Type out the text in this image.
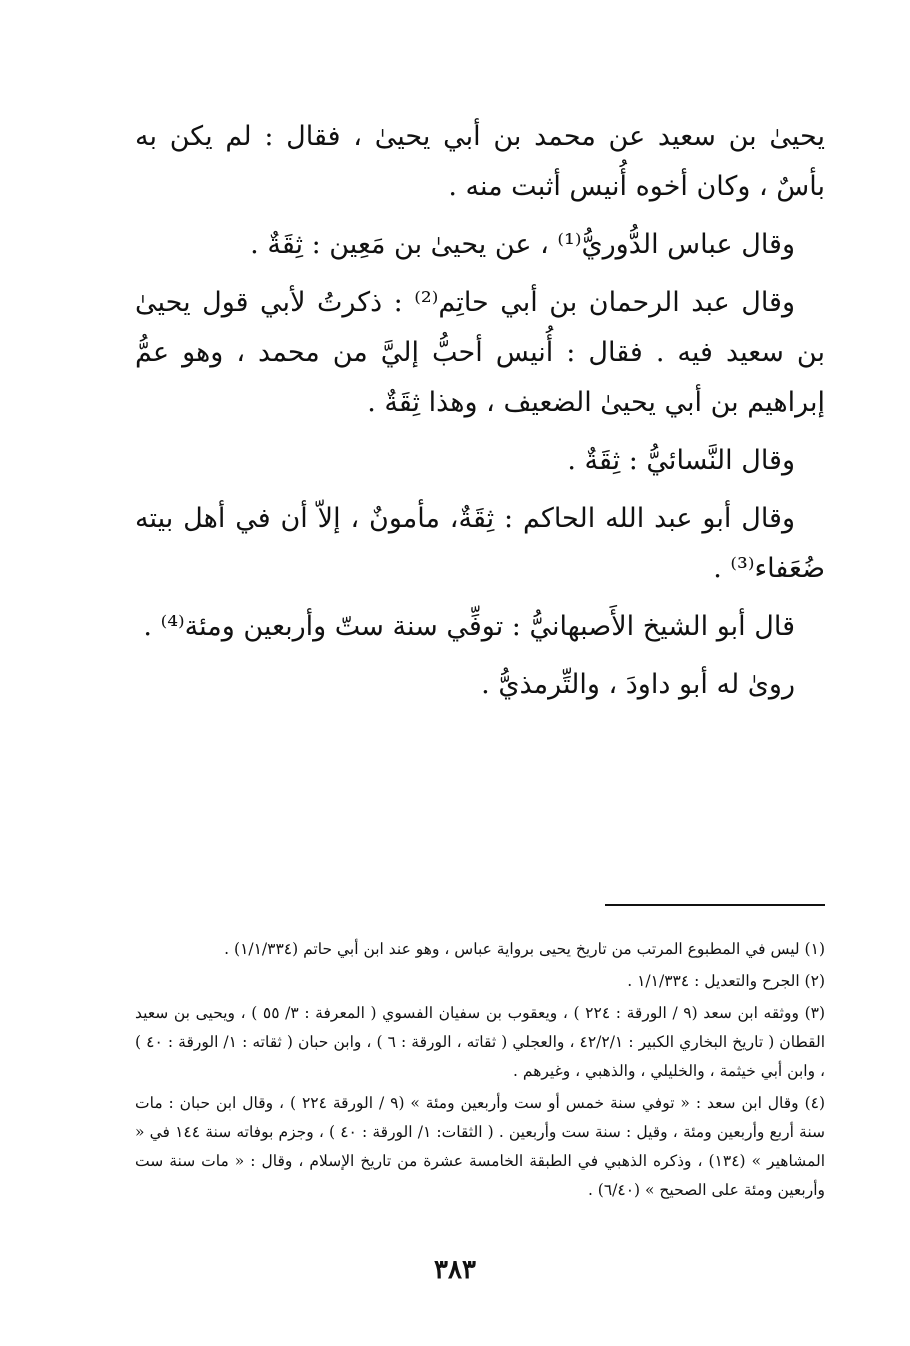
يحيىٰ بن سعيد عن محمد بن أبي يحيىٰ ، فقال : لم يكن به بأسٌ ، وكان أخوه أُنيس أثبت منه .

وقال عباس الدُّوريُّ⁽¹⁾ ، عن يحيىٰ بن مَعِين : ثِقَةٌ .

وقال عبد الرحمان بن أبي حاتِم⁽²⁾ : ذكرتُ لأبي قول يحيىٰ بن سعيد فيه . فقال : أُنيس أحبُّ إليَّ من محمد ، وهو عمُّ إبراهيم بن أبي يحيىٰ الضعيف ، وهذا ثِقَةٌ .

وقال النَّسائيُّ : ثِقَةٌ .

وقال أبو عبد الله الحاكم : ثِقَةٌ، مأمونٌ ، إلاّ أن في أهل بيته ضُعَفاء⁽³⁾ .

قال أبو الشيخ الأَصبهانيُّ : توفِّي سنة ستّ وأربعين ومئة⁽⁴⁾ .

روىٰ له أبو داودَ ، والتِّرمذيُّ .

(١) ليس في المطبوع المرتب من تاريخ يحيى برواية عباس ، وهو عند ابن أبي حاتم (١/١/٣٣٤) .

(٢) الجرح والتعديل : ١/١/٣٣٤ .

(٣) ووثقه ابن سعد (٩ / الورقة : ٢٢٤ ) ، ويعقوب بن سفيان الفسوي ( المعرفة : ٣/ ٥٥ ) ، ويحيى بن سعيد القطان ( تاريخ البخاري الكبير : ٤٢/٢/١ ، والعجلي ( ثقاته ، الورقة : ٦ ) ، وابن حبان ( ثقاته : ١/ الورقة : ٤٠ ) ، وابن أبي خيثمة ، والخليلي ، والذهبي ، وغيرهم .

(٤) وقال ابن سعد : « توفي سنة خمس أو ست وأربعين ومئة » (٩ / الورقة ٢٢٤ ) ، وقال ابن حبان : مات سنة أربع وأربعين ومئة ، وقيل : سنة ست وأربعين . ( الثقات: ١/ الورقة : ٤٠ ) ، وجزم بوفاته سنة ١٤٤ في « المشاهير » (١٣٤) ، وذكره الذهبي في الطبقة الخامسة عشرة من تاريخ الإسلام ، وقال : « مات سنة ست وأربعين ومئة على الصحيح » (٦/٤٠) .

٣٨٣
